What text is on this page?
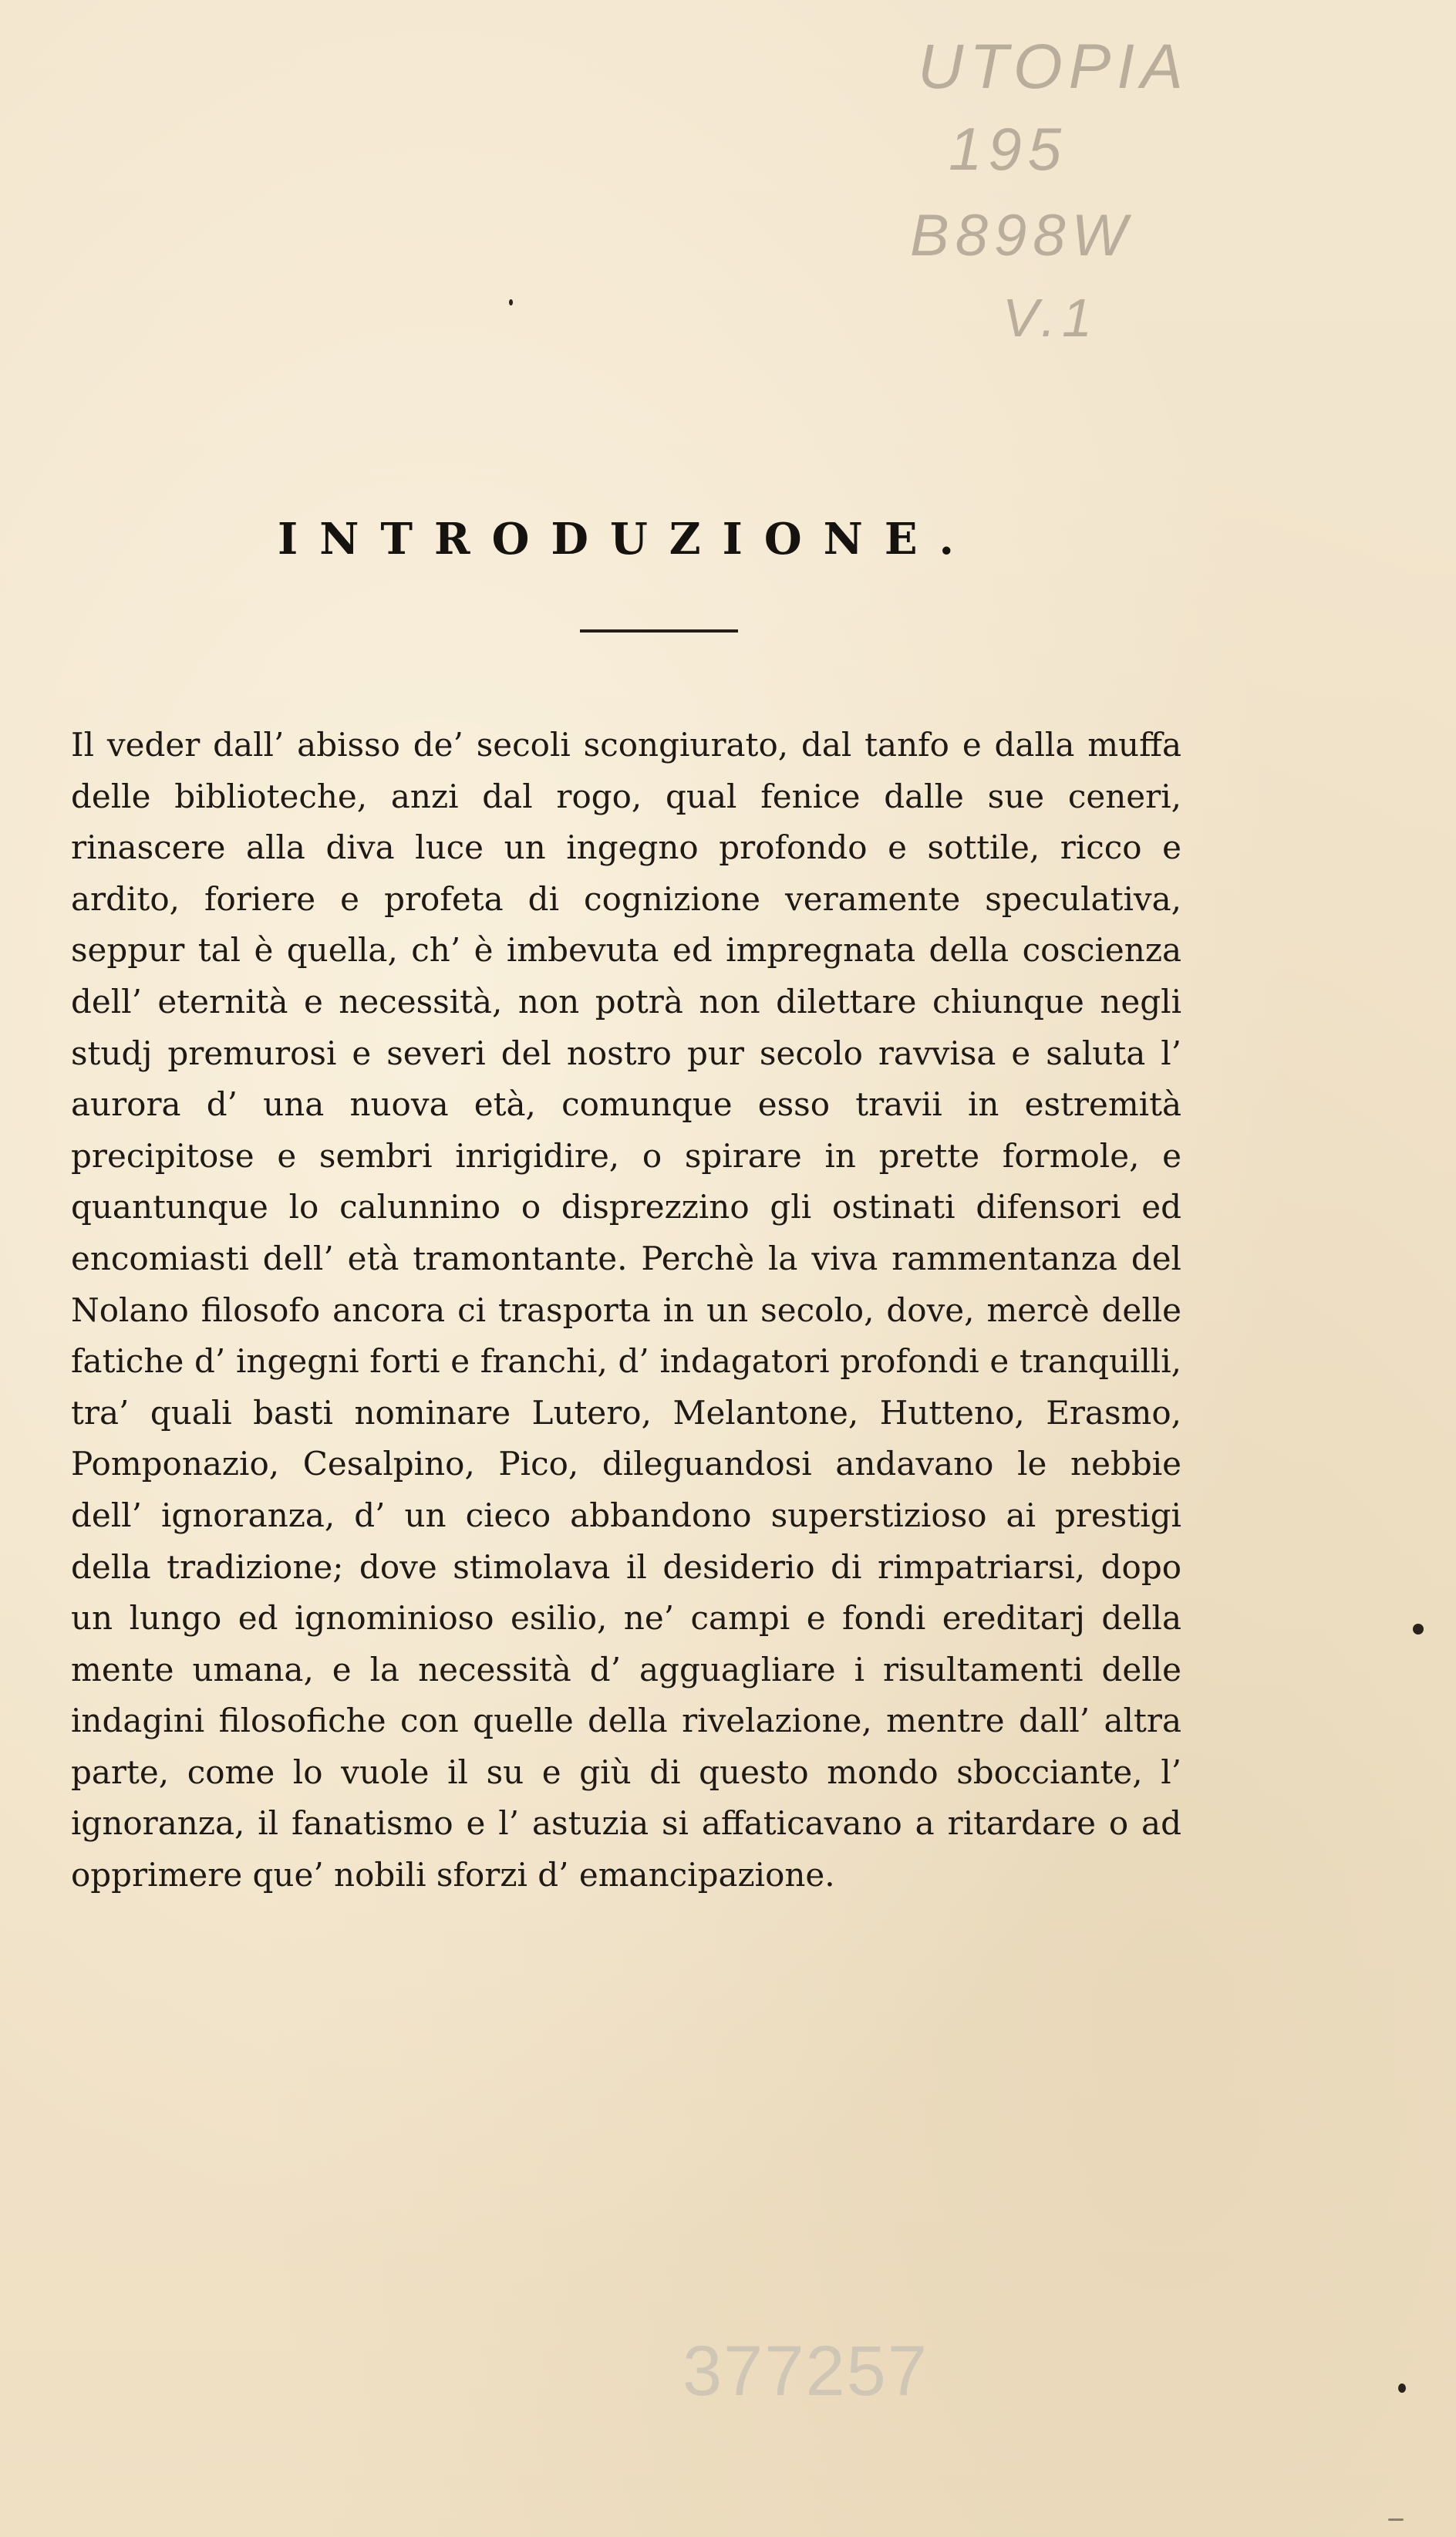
UTOPIA
195
B898W
V.1
INTRODUZIONE.

Il veder dall’ abisso de’ secoli scongiurato, dal tanfo e dalla muffa delle biblioteche, anzi dal rogo, qual fenice dalle sue ceneri, rinascere alla diva luce un ingegno profondo e sottile, ricco e ardito, foriere e profeta di cognizione veramente speculativa, seppur tal è quella, ch’ è imbevuta ed impregnata della coscienza dell’ eternità e necessità, non potrà non dilettare chiunque negli studj premurosi e severi del nostro pur secolo ravvisa e saluta l’ aurora d’ una nuova età, comunque esso travii in estremità precipitose e sembri inrigidire, o spirare in prette formole, e quantunque lo calunnino o disprezzino gli ostinati difensori ed encomiasti dell’ età tramontante. Perchè la viva rammentanza del Nolano filosofo ancora ci trasporta in un secolo, dove, mercè delle fatiche d’ ingegni forti e franchi, d’ indagatori profondi e tranquilli, tra’ quali basti nominare Lutero, Melantone, Hutteno, Erasmo, Pomponazio, Cesalpino, Pico, dileguandosi andavano le nebbie dell’ ignoranza, d’ un cieco abbandono superstizioso ai prestigi della tradizione; dove stimolava il desiderio di rimpatriarsi, dopo un lungo ed ignominioso esilio, ne’ campi e fondi ereditarj della mente umana, e la necessità d’ agguagliare i risultamenti delle indagini filosofiche con quelle della rivelazione, mentre dall’ altra parte, come lo vuole il su e giù di questo mondo sbocciante, l’ ignoranza, il fanatismo e l’ astuzia si affaticavano a ritardare o ad opprimere que’ nobili sforzi d’ emancipazione.

377257
